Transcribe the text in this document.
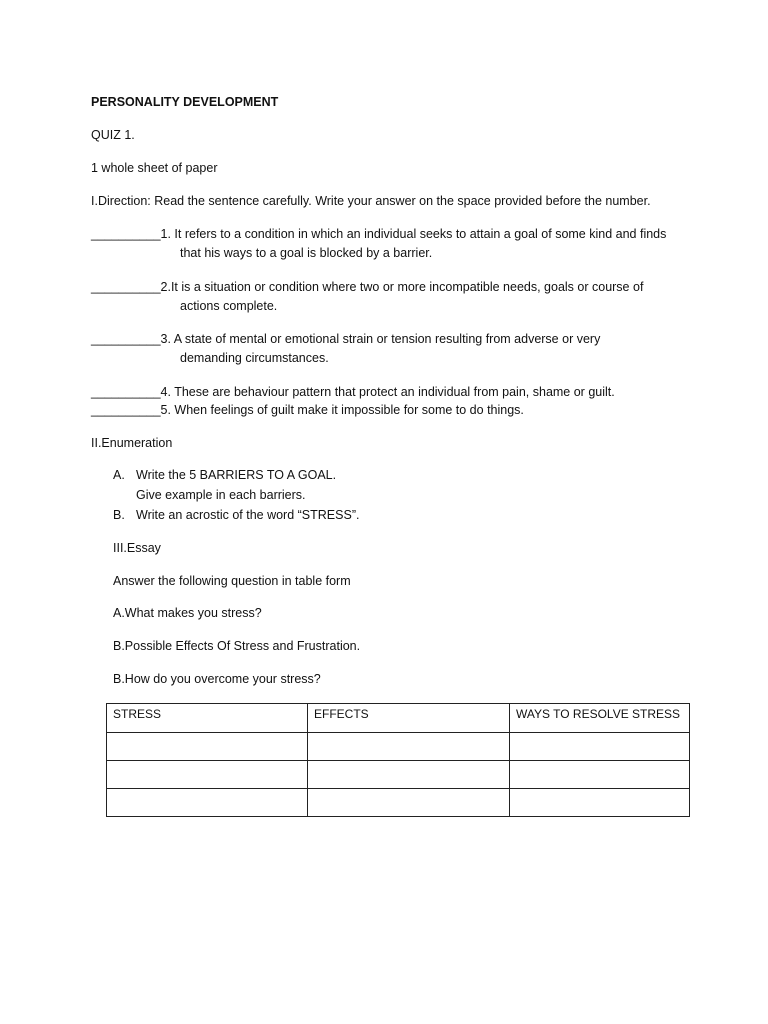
PERSONALITY DEVELOPMENT
QUIZ 1.
1 whole sheet of paper
I.Direction: Read the sentence carefully. Write your answer on the space provided before the number.
__________1. It refers to a condition in which an individual seeks to attain a goal of some kind and finds
that his ways to a goal is blocked by a barrier.
__________2.It is a situation or condition where two or more incompatible needs, goals or course of
actions complete.
__________3. A state of mental or emotional strain or tension resulting from adverse or very
demanding circumstances.
__________4. These are behaviour pattern that protect an individual from pain, shame or guilt.
__________5. When feelings of guilt make it impossible for some to do things.
II.Enumeration
A. Write the 5 BARRIERS TO A GOAL.
Give example in each barriers.
B. Write an acrostic of the word “STRESS”.
III.Essay
Answer the following question in table form
A.What makes you stress?
B.Possible Effects Of Stress and Frustration.
B.How do you overcome your stress?
STRESS	EFFECTS	WAYS TO RESOLVE STRESS
